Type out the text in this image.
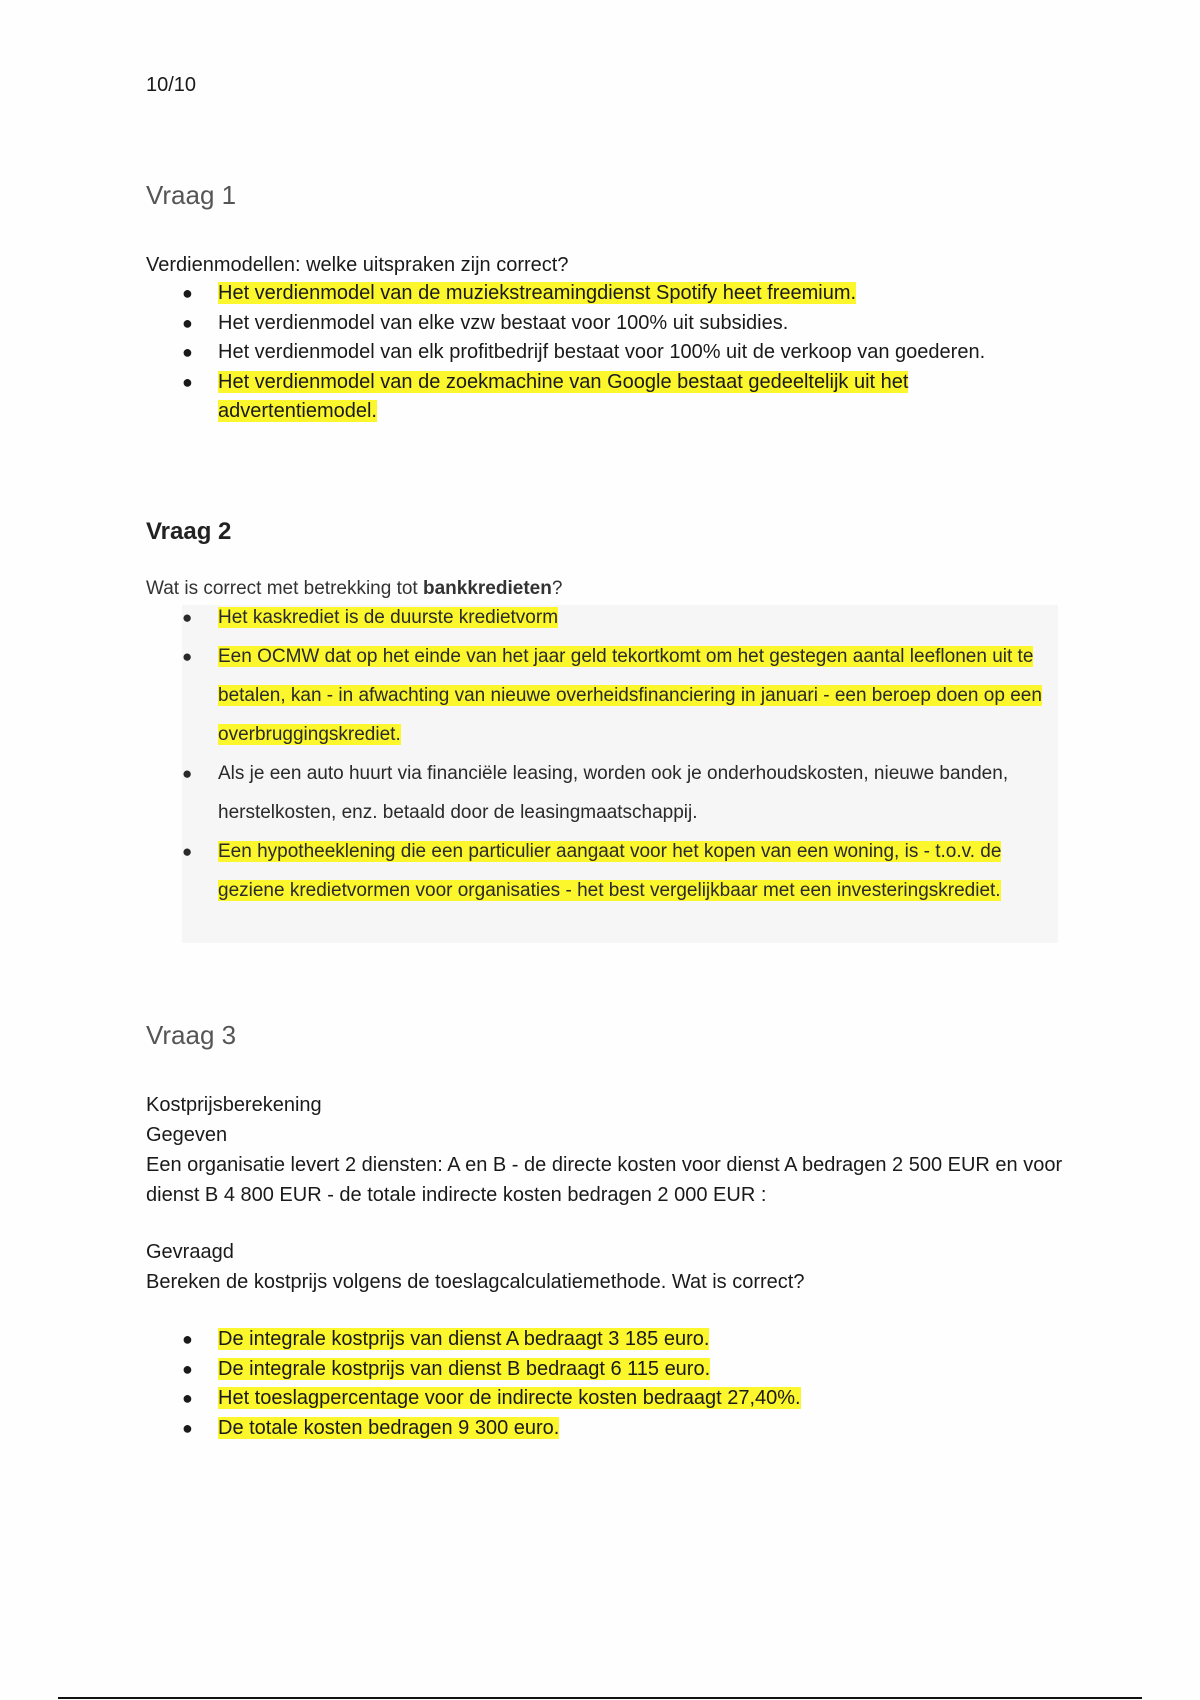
10/10
Vraag 1
Verdienmodellen: welke uitspraken zijn correct?
● Het verdienmodel van de muziekstreamingdienst Spotify heet freemium.
● Het verdienmodel van elke vzw bestaat voor 100% uit subsidies.
● Het verdienmodel van elk profitbedrijf bestaat voor 100% uit de verkoop van goederen.
● Het verdienmodel van de zoekmachine van Google bestaat gedeeltelijk uit het advertentiemodel.
Vraag 2
Wat is correct met betrekking tot bankkredieten?
● Het kaskrediet is de duurste kredietvorm
● Een OCMW dat op het einde van het jaar geld tekortkomt om het gestegen aantal leeflonen uit te betalen, kan - in afwachting van nieuwe overheidsfinanciering in januari - een beroep doen op een overbruggingskrediet.
● Als je een auto huurt via financiële leasing, worden ook je onderhoudskosten, nieuwe banden, herstelkosten, enz. betaald door de leasingmaatschappij.
● Een hypotheeklening die een particulier aangaat voor het kopen van een woning, is - t.o.v. de geziene kredietvormen voor organisaties - het best vergelijkbaar met een investeringskrediet.
Vraag 3
Kostprijsberekening
Gegeven
Een organisatie levert 2 diensten: A en B - de directe kosten voor dienst A bedragen 2 500 EUR en voor dienst B 4 800 EUR - de totale indirecte kosten bedragen 2 000 EUR :
Gevraagd
Bereken de kostprijs volgens de toeslagcalculatiemethode. Wat is correct?
● De integrale kostprijs van dienst A bedraagt 3 185 euro.
● De integrale kostprijs van dienst B bedraagt 6 115 euro.
● Het toeslagpercentage voor de indirecte kosten bedraagt 27,40%.
● De totale kosten bedragen 9 300 euro.
